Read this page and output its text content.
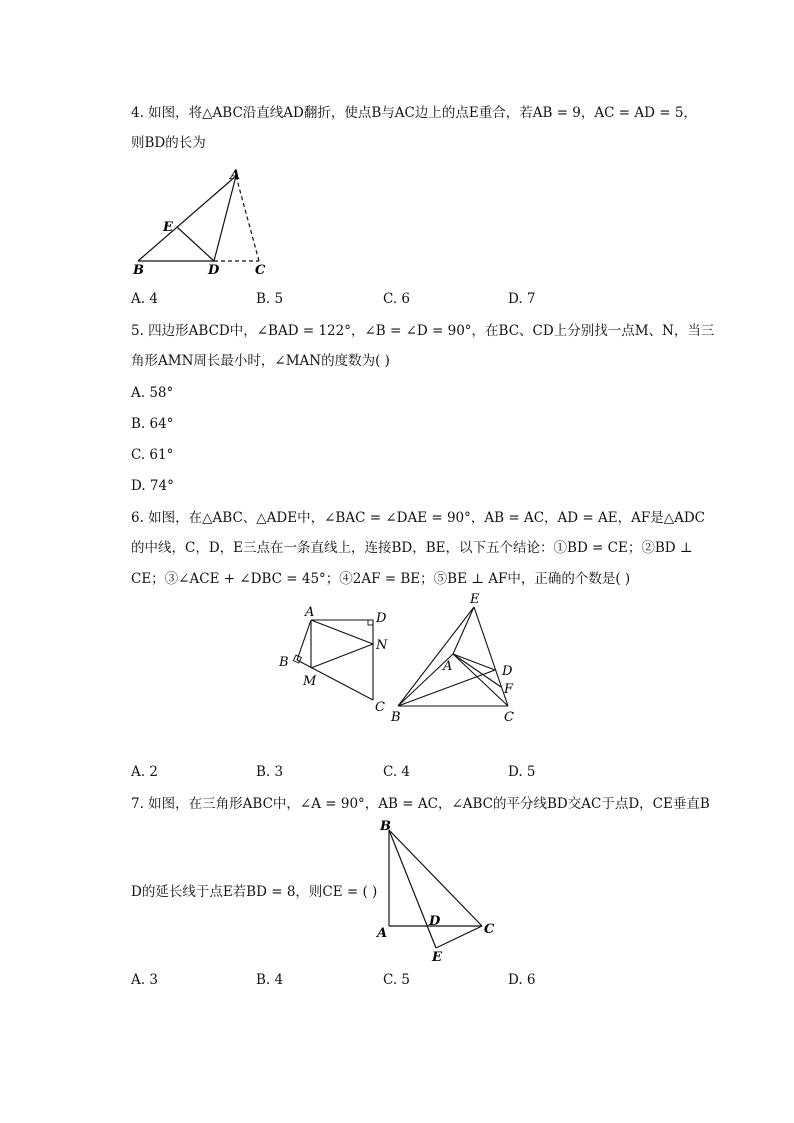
4. 如图，将△ABC沿直线AD翻折，使点B与AC边上的点E重合，若AB = 9，AC = AD = 5，
则BD的长为
A
E
B	D	C
A. 4	B. 5	C. 6	D. 7
5. 四边形ABCD中，∠BAD = 122°，∠B = ∠D = 90°，在BC、CD上分别找一点M、N，当三
角形AMN周长最小时，∠MAN的度数为( )
A. 58°
B. 64°
C. 61°
D. 74°
6. 如图，在△ABC、△ADE中，∠BAC = ∠DAE = 90°，AB = AC，AD = AE，AF是△ADC
的中线，C，D，E三点在一条直线上，连接BD，BE，以下五个结论：①BD = CE；②BD ⊥
CE；③∠ACE + ∠DBC = 45°；④2AF = BE；⑤BE ⊥ AF中，正确的个数是( )
A	D
N
B
M
C
E
A	D
F
B	C
A. 2	B. 3	C. 4	D. 5
7. 如图，在三角形ABC中，∠A = 90°，AB = AC，∠ABC的平分线BD交AC于点D，CE垂直B
D的延长线于点E若BD = 8，则CE = ( )
B
A
D
C
E
A. 3	B. 4	C. 5	D. 6
